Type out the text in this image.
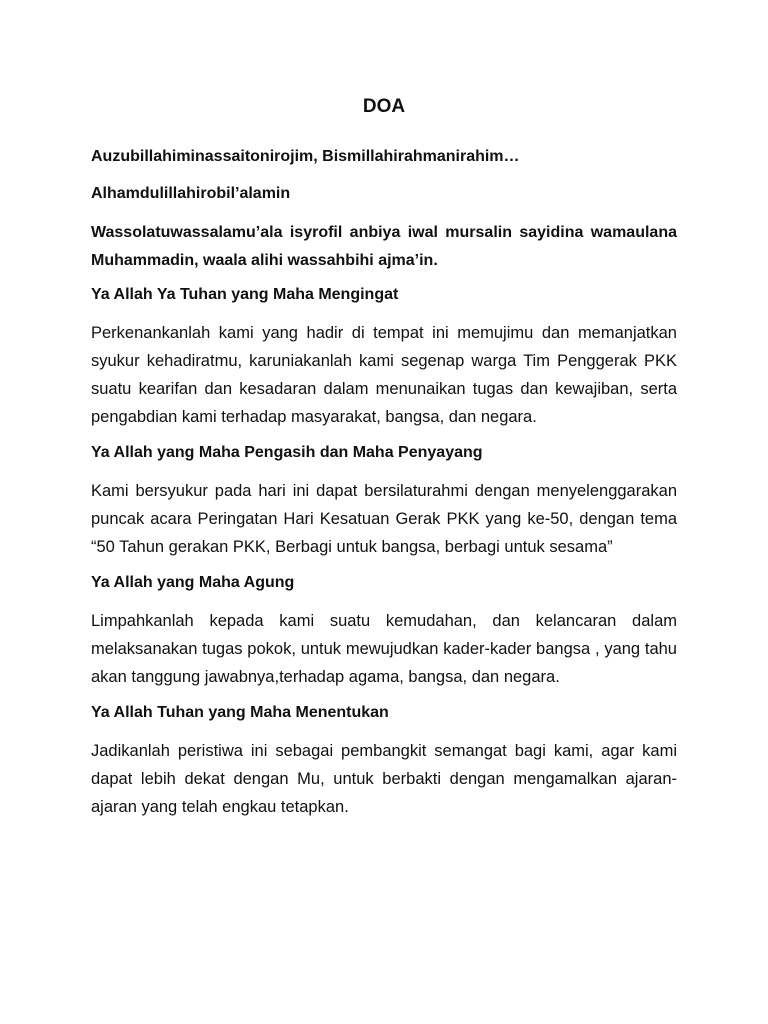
DOA
Auzubillahiminassaitonirojim, Bismillahirahmanirahim…
Alhamdulillahirobil’alamin
Wassolatuwassalamu’ala isyrofil anbiya iwal mursalin sayidina wamaulana Muhammadin, waala alihi wassahbihi ajma’in.
Ya Allah Ya Tuhan yang Maha Mengingat
Perkenankanlah kami yang hadir di tempat ini memujimu dan memanjatkan syukur kehadiratmu, karuniakanlah kami segenap warga Tim Penggerak PKK suatu kearifan dan kesadaran dalam menunaikan tugas dan kewajiban, serta pengabdian kami terhadap masyarakat, bangsa, dan negara.
Ya Allah yang Maha Pengasih dan Maha Penyayang
Kami bersyukur pada hari ini dapat bersilaturahmi dengan menyelenggarakan puncak acara Peringatan Hari Kesatuan Gerak PKK yang ke-50, dengan tema “50 Tahun gerakan PKK, Berbagi untuk bangsa, berbagi untuk sesama”
Ya Allah yang Maha Agung
Limpahkanlah kepada kami suatu kemudahan, dan kelancaran dalam melaksanakan tugas pokok, untuk mewujudkan kader-kader bangsa , yang tahu akan tanggung jawabnya,terhadap agama, bangsa, dan negara.
Ya Allah Tuhan yang Maha Menentukan
Jadikanlah peristiwa ini sebagai pembangkit semangat bagi kami, agar kami dapat lebih dekat dengan Mu, untuk berbakti dengan mengamalkan ajaran-ajaran yang telah engkau tetapkan.
